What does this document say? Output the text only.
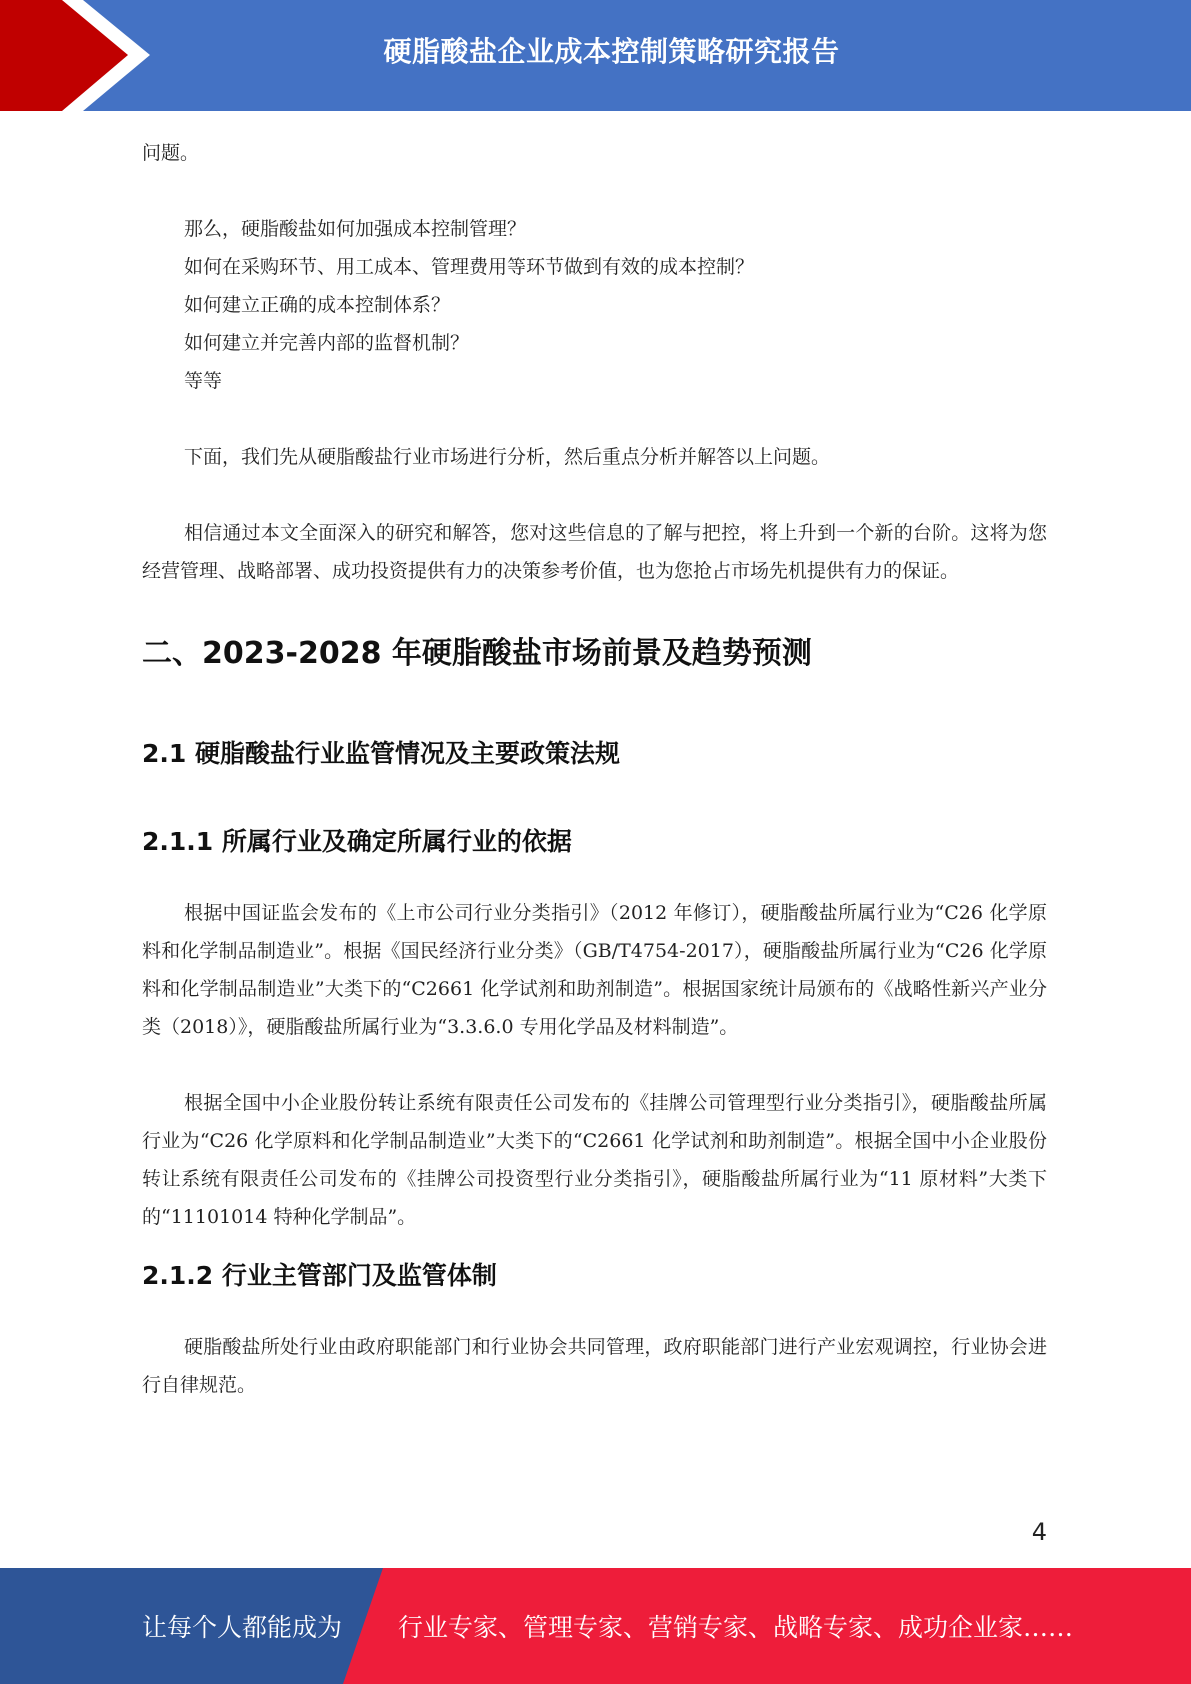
硬脂酸盐企业成本控制策略研究报告

问题。

那么，硬脂酸盐如何加强成本控制管理？

如何在采购环节、用工成本、管理费用等环节做到有效的成本控制？

如何建立正确的成本控制体系？

如何建立并完善内部的监督机制？

等等

下面，我们先从硬脂酸盐行业市场进行分析，然后重点分析并解答以上问题。

相信通过本文全面深入的研究和解答，您对这些信息的了解与把控，将上升到一个新的台阶。这将为您经营管理、战略部署、成功投资提供有力的决策参考价值，也为您抢占市场先机提供有力的保证。

二、2023-2028 年硬脂酸盐市场前景及趋势预测
2.1 硬脂酸盐行业监管情况及主要政策法规
2.1.1 所属行业及确定所属行业的依据

根据中国证监会发布的《上市公司行业分类指引》（2012 年修订），硬脂酸盐所属行业为“C26 化学原料和化学制品制造业”。根据《国民经济行业分类》（GB/T4754-2017），硬脂酸盐所属行业为“C26 化学原料和化学制品制造业”大类下的“C2661 化学试剂和助剂制造”。根据国家统计局颁布的《战略性新兴产业分类（2018）》，硬脂酸盐所属行业为“3.3.6.0 专用化学品及材料制造”。

根据全国中小企业股份转让系统有限责任公司发布的《挂牌公司管理型行业分类指引》，硬脂酸盐所属行业为“C26 化学原料和化学制品制造业”大类下的“C2661 化学试剂和助剂制造”。根据全国中小企业股份转让系统有限责任公司发布的《挂牌公司投资型行业分类指引》，硬脂酸盐所属行业为“11 原材料”大类下的“11101014 特种化学制品”。

2.1.2 行业主管部门及监管体制

硬脂酸盐所处行业由政府职能部门和行业协会共同管理，政府职能部门进行产业宏观调控，行业协会进行自律规范。

4
让每个人都能成为 行业专家、管理专家、营销专家、战略专家、成功企业家……
